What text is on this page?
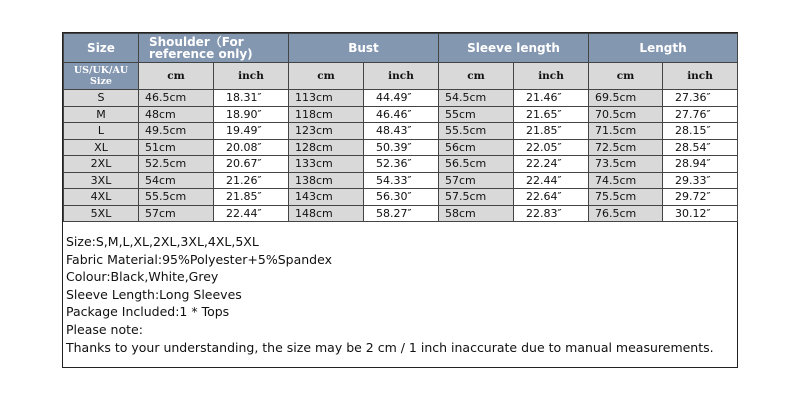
Size	Shoulder（For reference only)		Bust		Sleeve length		Length	
US/UK/AU Size	cm	inch	cm	inch	cm	inch	cm	inch
S	46.5cm	18.31″	113cm	44.49″	54.5cm	21.46″	69.5cm	27.36″
M	48cm	18.90″	118cm	46.46″	55cm	21.65″	70.5cm	27.76″
L	49.5cm	19.49″	123cm	48.43″	55.5cm	21.85″	71.5cm	28.15″
XL	51cm	20.08″	128cm	50.39″	56cm	22.05″	72.5cm	28.54″
2XL	52.5cm	20.67″	133cm	52.36″	56.5cm	22.24″	73.5cm	28.94″
3XL	54cm	21.26″	138cm	54.33″	57cm	22.44″	74.5cm	29.33″
4XL	55.5cm	21.85″	143cm	56.30″	57.5cm	22.64″	75.5cm	29.72″
5XL	57cm	22.44″	148cm	58.27″	58cm	22.83″	76.5cm	30.12″
Size:S,M,L,XL,2XL,3XL,4XL,5XL
Fabric Material:95%Polyester+5%Spandex
Colour:Black,White,Grey
Sleeve Length:Long Sleeves
Package Included:1 * Tops
Please note:
Thanks to your understanding, the size may be 2 cm / 1 inch inaccurate due to manual measurements.
